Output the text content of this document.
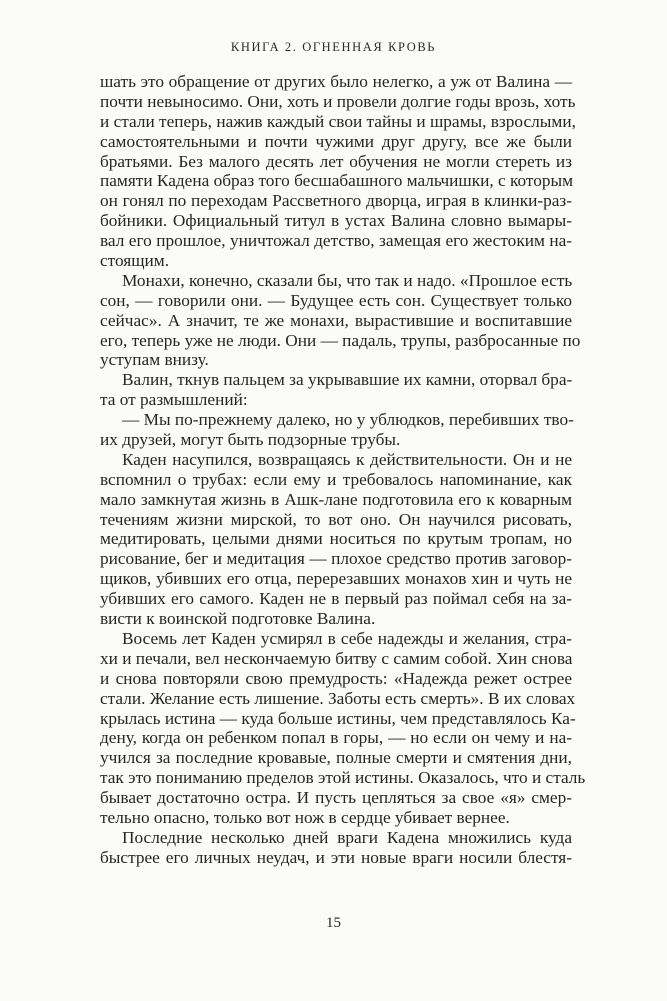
КНИГА 2. ОГНЕННАЯ КРОВЬ
шать это обращение от других было нелегко, а уж от Валина —
почти невыносимо. Они, хоть и провели долгие годы врозь, хоть
и стали теперь, нажив каждый свои тайны и шрамы, взрослыми,
самостоятельными и почти чужими друг другу, все же были
братьями. Без малого десять лет обучения не могли стереть из
памяти Кадена образ того бесшабашного мальчишки, с которым
он гонял по переходам Рассветного дворца, играя в клинки-раз-
бойники. Официальный титул в устах Валина словно вымары-
вал его прошлое, уничтожал детство, замещая его жестоким на-
стоящим.
Монахи, конечно, сказали бы, что так и надо. «Прошлое есть
сон, — говорили они. — Будущее есть сон. Существует только
сейчас». А значит, те же монахи, вырастившие и воспитавшие
его, теперь уже не люди. Они — падаль, трупы, разбросанные по
уступам внизу.
Валин, ткнув пальцем за укрывавшие их камни, оторвал бра-
та от размышлений:
— Мы по-прежнему далеко, но у ублюдков, перебивших тво-
их друзей, могут быть подзорные трубы.
Каден насупился, возвращаясь к действительности. Он и не
вспомнил о трубах: если ему и требовалось напоминание, как
мало замкнутая жизнь в Ашк-лане подготовила его к коварным
течениям жизни мирской, то вот оно. Он научился рисовать,
медитировать, целыми днями носиться по крутым тропам, но
рисование, бег и медитация — плохое средство против заговор-
щиков, убивших его отца, перерезавших монахов хин и чуть не
убивших его самого. Каден не в первый раз поймал себя на за-
висти к воинской подготовке Валина.
Восемь лет Каден усмирял в себе надежды и желания, стра-
хи и печали, вел нескончаемую битву с самим собой. Хин снова
и снова повторяли свою премудрость: «Надежда режет острее
стали. Желание есть лишение. Заботы есть смерть». В их словах
крылась истина — куда больше истины, чем представлялось Ка-
дену, когда он ребенком попал в горы, — но если он чему и на-
учился за последние кровавые, полные смерти и смятения дни,
так это пониманию пределов этой истины. Оказалось, что и сталь
бывает достаточно остра. И пусть цепляться за свое «я» смер-
тельно опасно, только вот нож в сердце убивает вернее.
Последние несколько дней враги Кадена множились куда
быстрее его личных неудач, и эти новые враги носили блестя-
15
